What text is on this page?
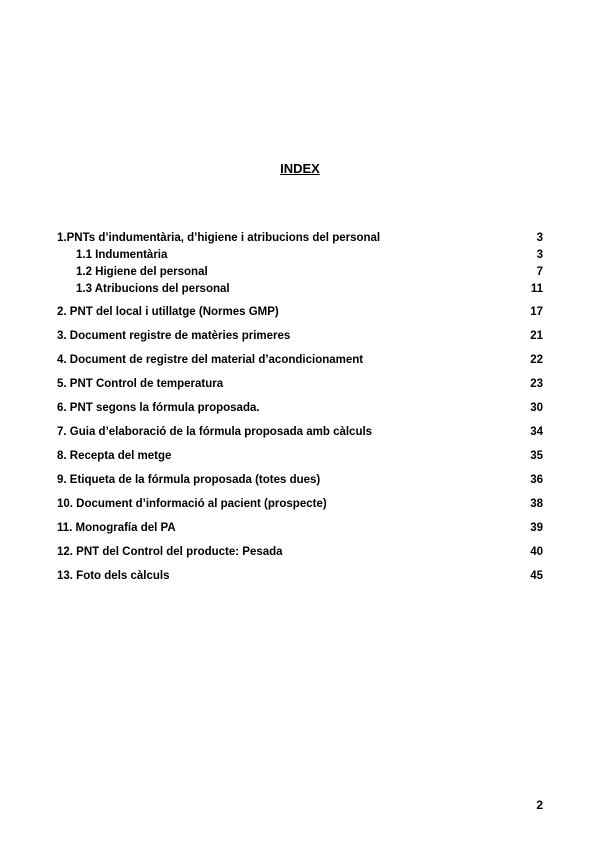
INDEX
1.PNTs d’indumentària, d’higiene i atribucions del personal	3
1.1 Indumentària	3
1.2 Higiene del personal	7
1.3 Atribucions del personal	11
2. PNT del local i utillatge (Normes GMP)	17
3. Document registre de matèries primeres	21
4. Document de registre del material d’acondicionament	22
5. PNT Control de temperatura	23
6. PNT segons la fórmula proposada.	30
7. Guia d’elaboració de la fórmula proposada amb càlculs	34
8. Recepta del metge	35
9. Etiqueta de la fórmula proposada (totes dues)	36
10. Document d’informació al pacient (prospecte)	38
11. Monografía del PA	39
12. PNT del Control del producte: Pesada	40
13. Foto dels càlculs	45
2
